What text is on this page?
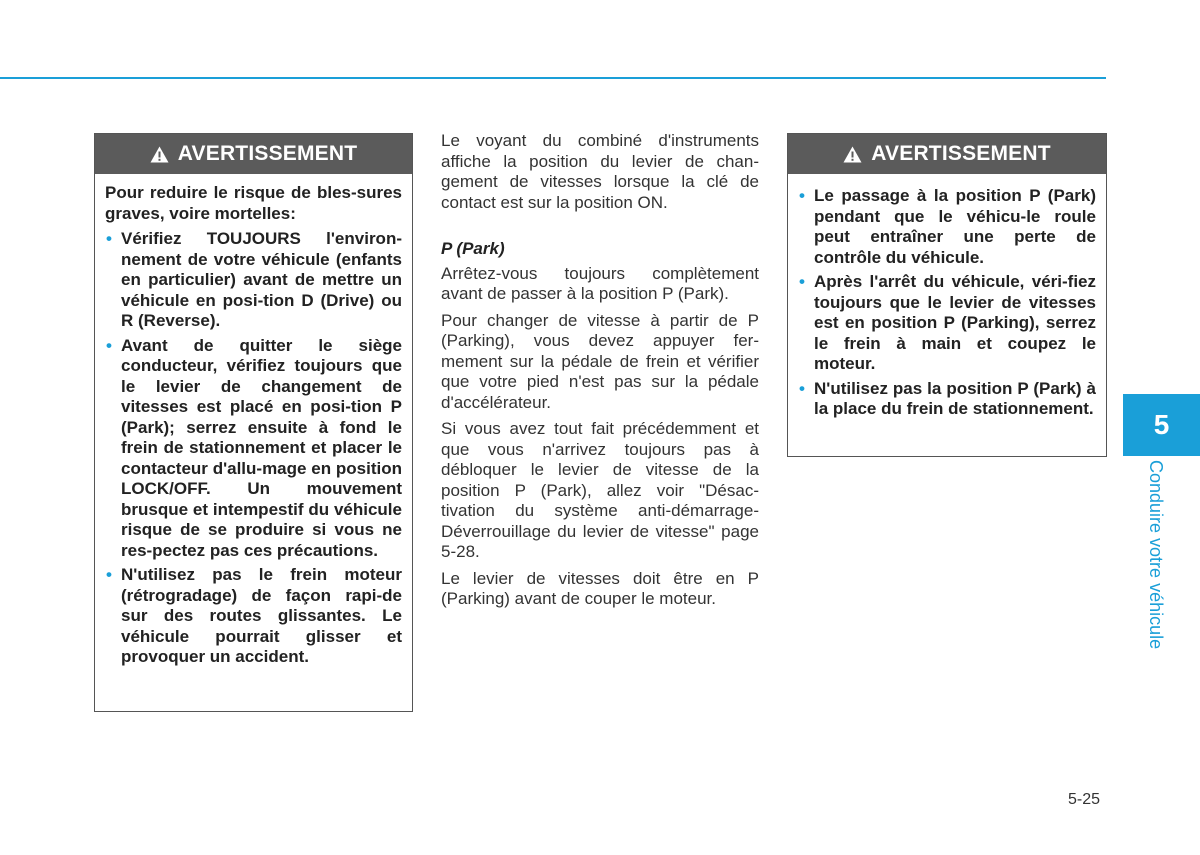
AVERTISSEMENT

Pour reduire le risque de bles-sures graves, voire mortelles:

• Vérifiez TOUJOURS l'environ-nement de votre véhicule (enfants en particulier) avant de mettre un véhicule en posi-tion D (Drive) ou R (Reverse).
• Avant de quitter le siège conducteur, vérifiez toujours que le levier de changement de vitesses est placé en posi-tion P (Park); serrez ensuite à fond le frein de stationnement et placer le contacteur d'allu-mage en position LOCK/OFF. Un mouvement brusque et intempestif du véhicule risque de se produire si vous ne res-pectez pas ces précautions.
• N'utilisez pas le frein moteur (rétrogradage) de façon rapi-de sur des routes glissantes. Le véhicule pourrait glisser et provoquer un accident.

Le voyant du combiné d'instruments affiche la position du levier de chan-gement de vitesses lorsque la clé de contact est sur la position ON.

P (Park)

Arrêtez-vous toujours complètement avant de passer à la position P (Park).

Pour changer de vitesse à partir de P (Parking), vous devez appuyer fer-mement sur la pédale de frein et vérifier que votre pied n'est pas sur la pédale d'accélérateur.

Si vous avez tout fait précédemment et que vous n'arrivez toujours pas à débloquer le levier de vitesse de la position P (Park), allez voir "Désac-tivation du système anti-démarrage-Déverrouillage du levier de vitesse" page 5-28.

Le levier de vitesses doit être en P (Parking) avant de couper le moteur.

AVERTISSEMENT
• Le passage à la position P (Park) pendant que le véhicu-le roule peut entraîner une perte de contrôle du véhicule.
• Après l'arrêt du véhicule, véri-fiez toujours que le levier de vitesses est en position P (Parking), serrez le frein à main et coupez le moteur.
• N'utilisez pas la position P (Park) à la place du frein de stationnement.
5
Conduire votre véhicule
5-25
